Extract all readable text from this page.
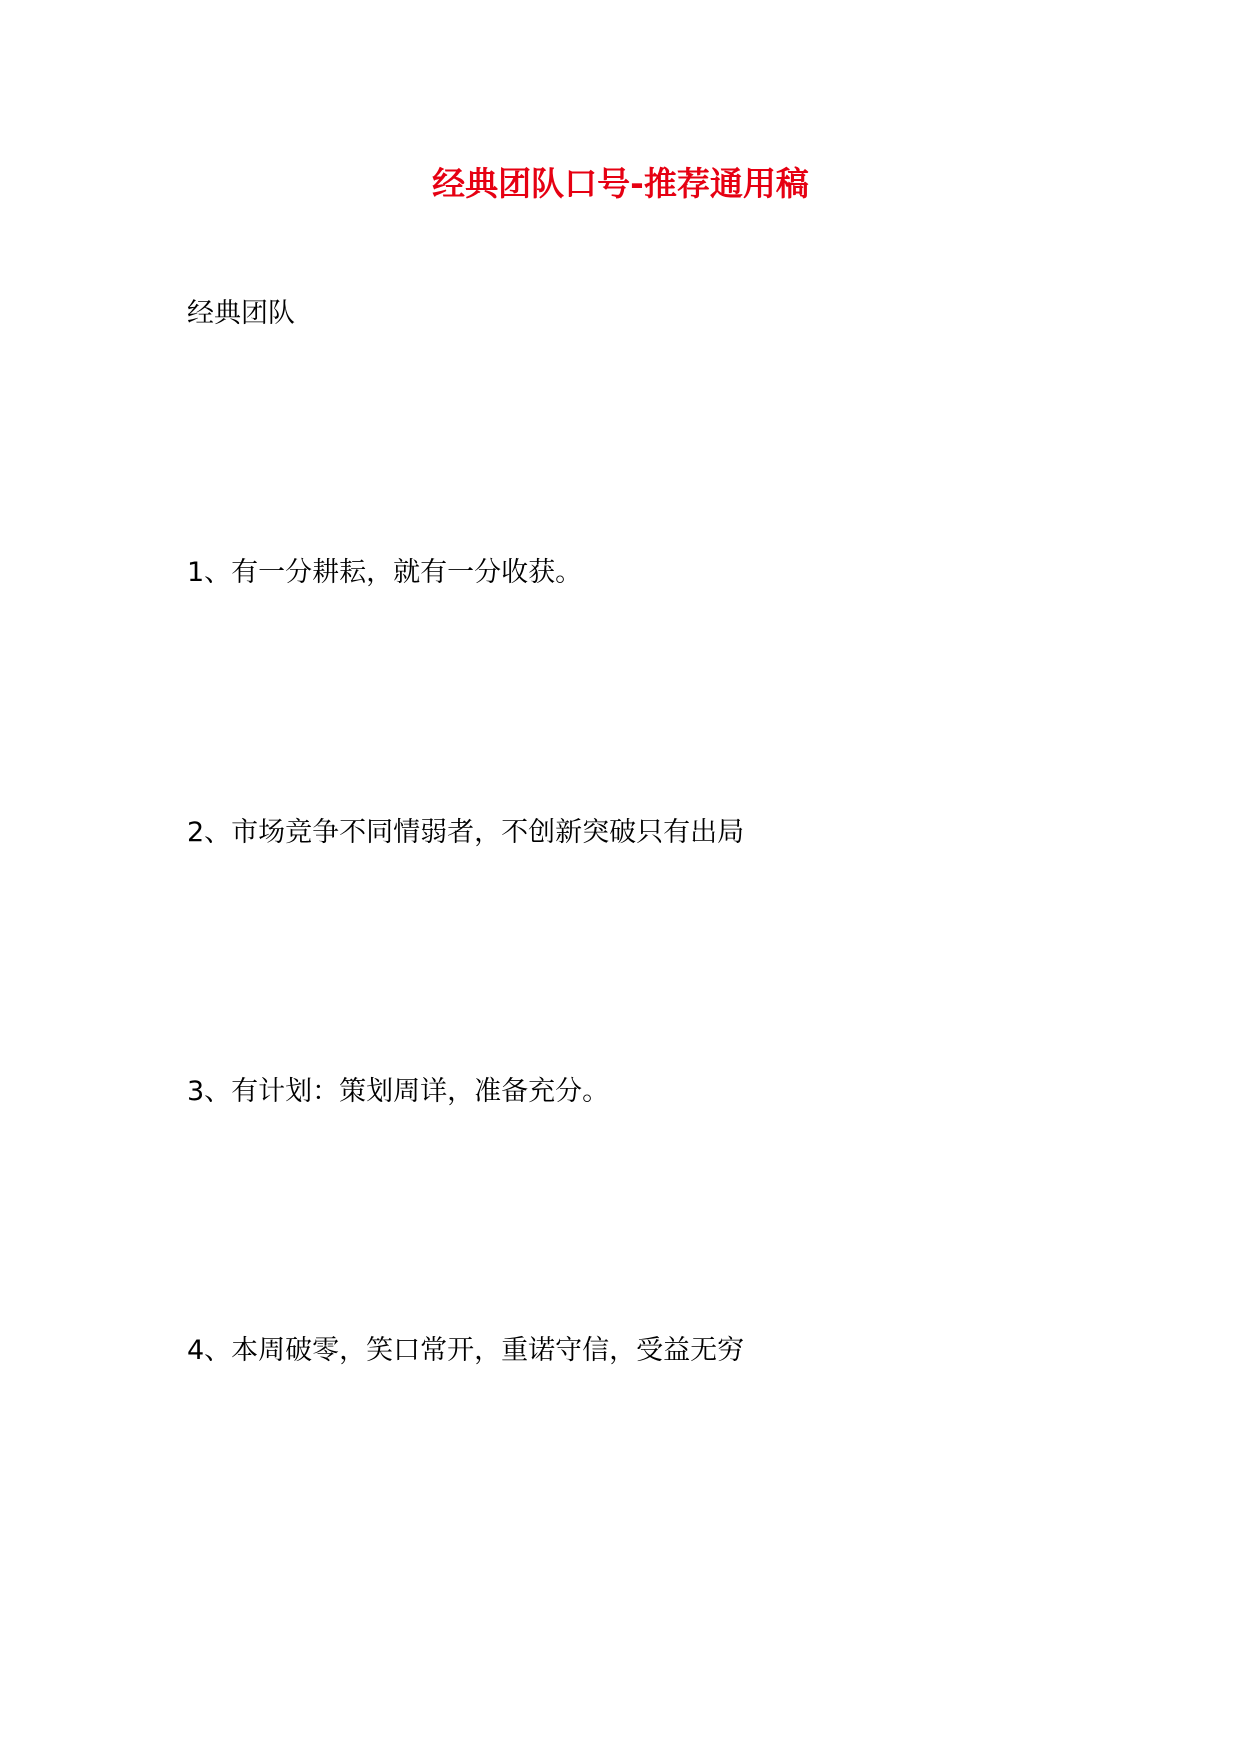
经典团队口号-推荐通用稿
经典团队
1、有一分耕耘，就有一分收获。
2、市场竞争不同情弱者，不创新突破只有出局
3、有计划：策划周详，准备充分。
4、本周破零，笑口常开，重诺守信，受益无穷
